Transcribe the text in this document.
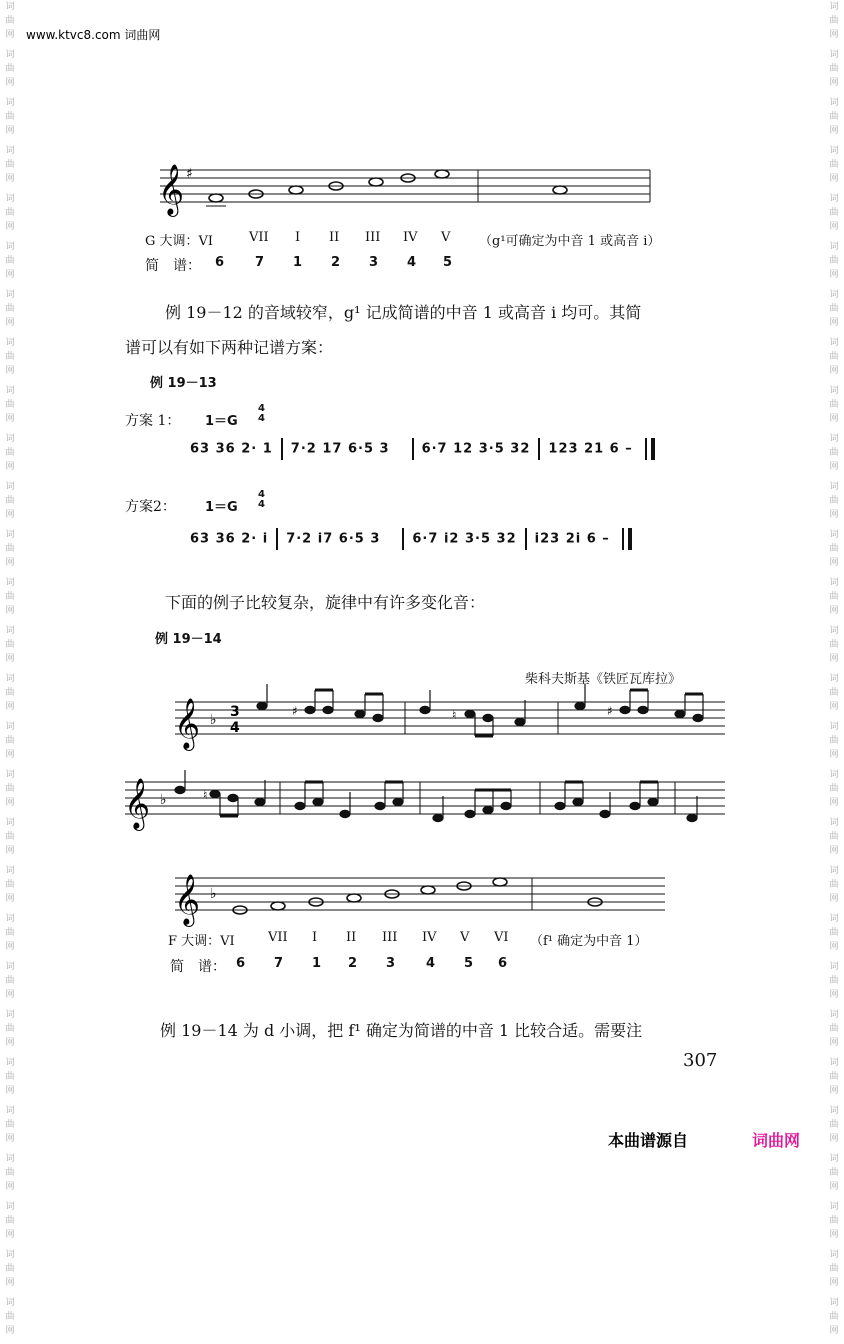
词
曲
网
词
曲
网
词
曲
网
词
曲
网
词
曲
网
词
曲
网
词
曲
网
词
曲
网
词
曲
网
词
曲
网
词
曲
网
词
曲
网
词
曲
网
词
曲
网
词
曲
网
词
曲
网
词
曲
网
词
曲
网
词
曲
网
词
曲
网
词
曲
网
词
曲
网
词
曲
网
词
曲
网
词
曲
网
词
曲
网
词
曲
网
词
曲
网
词
曲
网
词
曲
网
词
曲
网
词
曲
网
词
曲
网
词
曲
网
词
曲
网
词
曲
网
词
曲
网
词
曲
网
词
曲
网
词
曲
网
词
曲
网
词
曲
网
词
曲
网
词
曲
网
词
曲
网
词
曲
网
词
曲
网
词
曲
网
词
曲
网
词
曲
网
词
曲
网
词
曲
网
词
曲
网
词
曲
网
词
曲
网
词
曲
网
www.ktvc8.com 词曲网
𝄞 ♯
G 大调：VI	VII I II III IV V （g¹可确定为中音 1 或高音 i）
简　谱： 6 7 1 2 3 4 5
例 19－12 的音域较窄，g¹ 记成简谱的中音 1 或高音 i 均可。其简
谱可以有如下两种记谱方案：
例 19－13
方案 1： 1＝G
4
4
63 36 2· 1 7·2 17 6·5 3 6·7 12 3·5 32 123 21 6 –
方案2： 1＝G
4
4
63 36 2· i 7·2 i7 6·5 3 6·7 i2 3·5 32 i23 2i 6 –
下面的例子比较复杂，旋律中有许多变化音：
例 19－14
柴科夫斯基《铁匠瓦库拉》
𝄞 ♭ 3
4
♯	♮	♯
𝄞 ♭	♮
𝄞 ♭
F 大调：VI	VII I II III IV V VI （f¹ 确定为中音 1）
简　谱： 6 7 1 2 3 4 5 6
例 19－14 为 d 小调，把 f¹ 确定为简谱的中音 1 比较合适。需要注
307
本曲谱源自	词曲网
